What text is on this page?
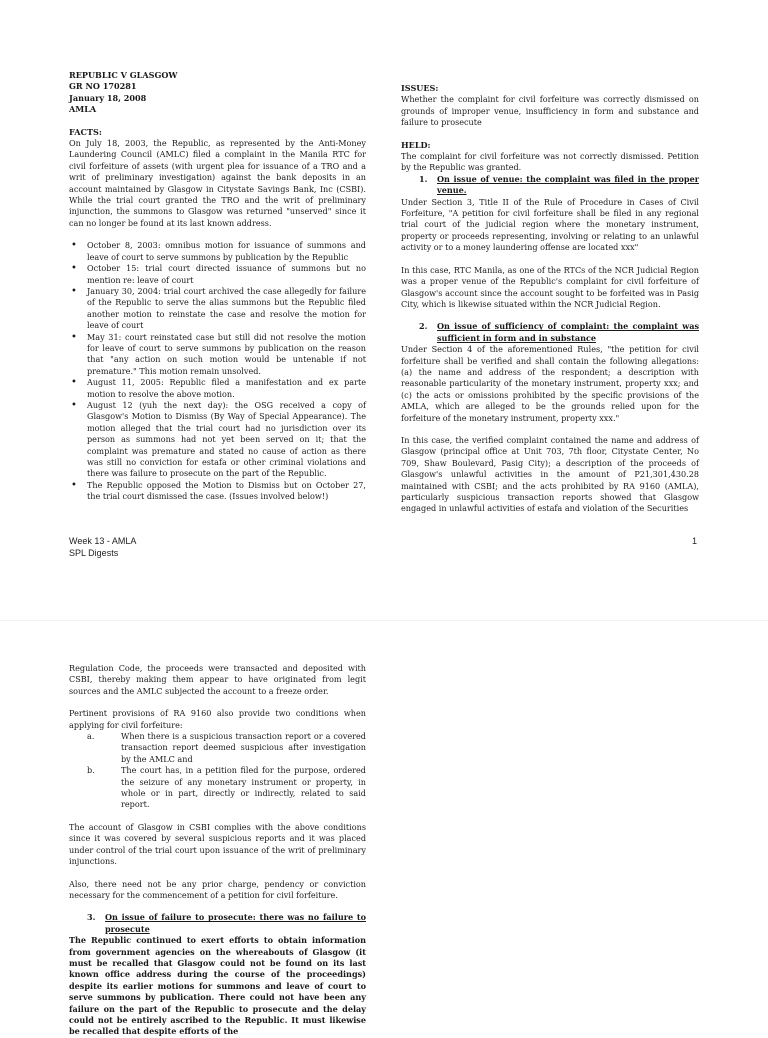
REPUBLIC V GLASGOW
GR NO 170281
January 18, 2008
AMLA

FACTS:

On July 18, 2003, the Republic, as represented by the Anti-Money Laundering Council (AMLC) filed a complaint in the Manila RTC for civil forfeiture of assets (with urgent plea for issuance of a TRO and a writ of preliminary investigation) against the bank deposits in an account maintained by Glasgow in Citystate Savings Bank, Inc (CSBI). While the trial court granted the TRO and the writ of preliminary injunction, the summons to Glasgow was returned "unserved" since it can no longer be found at its last known address.

• October 8, 2003: omnibus motion for issuance of summons and leave of court to serve summons by publication by the Republic
• October 15: trial court directed issuance of summons but no mention re: leave of court
• January 30, 2004: trial court archived the case allegedly for failure of the Republic to serve the alias summons but the Republic filed another motion to reinstate the case and resolve the motion for leave of court
• May 31: court reinstated case but still did not resolve the motion for leave of court to serve summons by publication on the reason that "any action on such motion would be untenable if not premature." This motion remain unsolved.
• August 11, 2005: Republic filed a manifestation and ex parte motion to resolve the above motion.
• August 12 (yuh the next day): the OSG received a copy of Glasgow's Motion to Dismiss (By Way of Special Appearance). The motion alleged that the trial court had no jurisdiction over its person as summons had not yet been served on it; that the complaint was premature and stated no cause of action as there was still no conviction for estafa or other criminal violations and there was failure to prosecute on the part of the Republic.
• The Republic opposed the Motion to Dismiss but on October 27, the trial court dismissed the case. (Issues involved below!)

ISSUES:

Whether the complaint for civil forfeiture was correctly dismissed on grounds of improper venue, insufficiency in form and substance and failure to prosecute

HELD:

The complaint for civil forfeiture was not correctly dismissed. Petition by the Republic was granted.

1. On issue of venue: the complaint was filed in the proper venue.

Under Section 3, Title II of the Rule of Procedure in Cases of Civil Forfeiture, "A petition for civil forfeiture shall be filed in any regional trial court of the judicial region where the monetary instrument, property or proceeds representing, involving or relating to an unlawful activity or to a money laundering offense are located xxx"

In this case, RTC Manila, as one of the RTCs of the NCR Judicial Region was a proper venue of the Republic's complaint for civil forfeiture of Glasgow's account since the account sought to be forfeited was in Pasig City, which is likewise situated within the NCR Judicial Region.

2. On issue of sufficiency of complaint: the complaint was sufficient in form and in substance

Under Section 4 of the aforementioned Rules, "the petition for civil forfeiture shall be verified and shall contain the following allegations: (a) the name and address of the respondent; a description with reasonable particularity of the monetary instrument, property xxx; and (c) the acts or omissions prohibited by the specific provisions of the AMLA, which are alleged to be the grounds relied upon for the forfeiture of the monetary instrument, property xxx."

In this case, the verified complaint contained the name and address of Glasgow (principal office at Unit 703, 7th floor, Citystate Center, No 709, Shaw Boulevard, Pasig City); a description of the proceeds of Glasgow's unlawful activities in the amount of P21,301,430.28 maintained with CSBI; and the acts prohibited by RA 9160 (AMLA), particularly suspicious transaction reports showed that Glasgow engaged in unlawful activities of estafa and violation of the Securities

Week 13 - AMLA
SPL Digests
1

Regulation Code, the proceeds were transacted and deposited with CSBI, thereby making them appear to have originated from legit sources and the AMLC subjected the account to a freeze order.

Pertinent provisions of RA 9160 also provide two conditions when applying for civil forfeiture:

a.	When there is a suspicious transaction report or a covered transaction report deemed suspicious after investigation by the AMLC and
b.	The court has, in a petition filed for the purpose, ordered the seizure of any monetary instrument or property, in whole or in part, directly or indirectly, related to said report.

The account of Glasgow in CSBI complies with the above conditions since it was covered by several suspicious reports and it was placed under control of the trial court upon issuance of the writ of preliminary injunctions.

Also, there need not be any prior charge, pendency or conviction necessary for the commencement of a petition for civil forfeiture.

3. On issue of failure to prosecute: there was no failure to prosecute

The Republic continued to exert efforts to obtain information from government agencies on the whereabouts of Glasgow (it must be recalled that Glasgow could not be found on its last known office address during the course of the proceedings) despite its earlier motions for summons and leave of court to serve summons by publication. There could not have been any failure on the part of the Republic to prosecute and the delay could not be entirely ascribed to the Republic. It must likewise be recalled that despite efforts of the
